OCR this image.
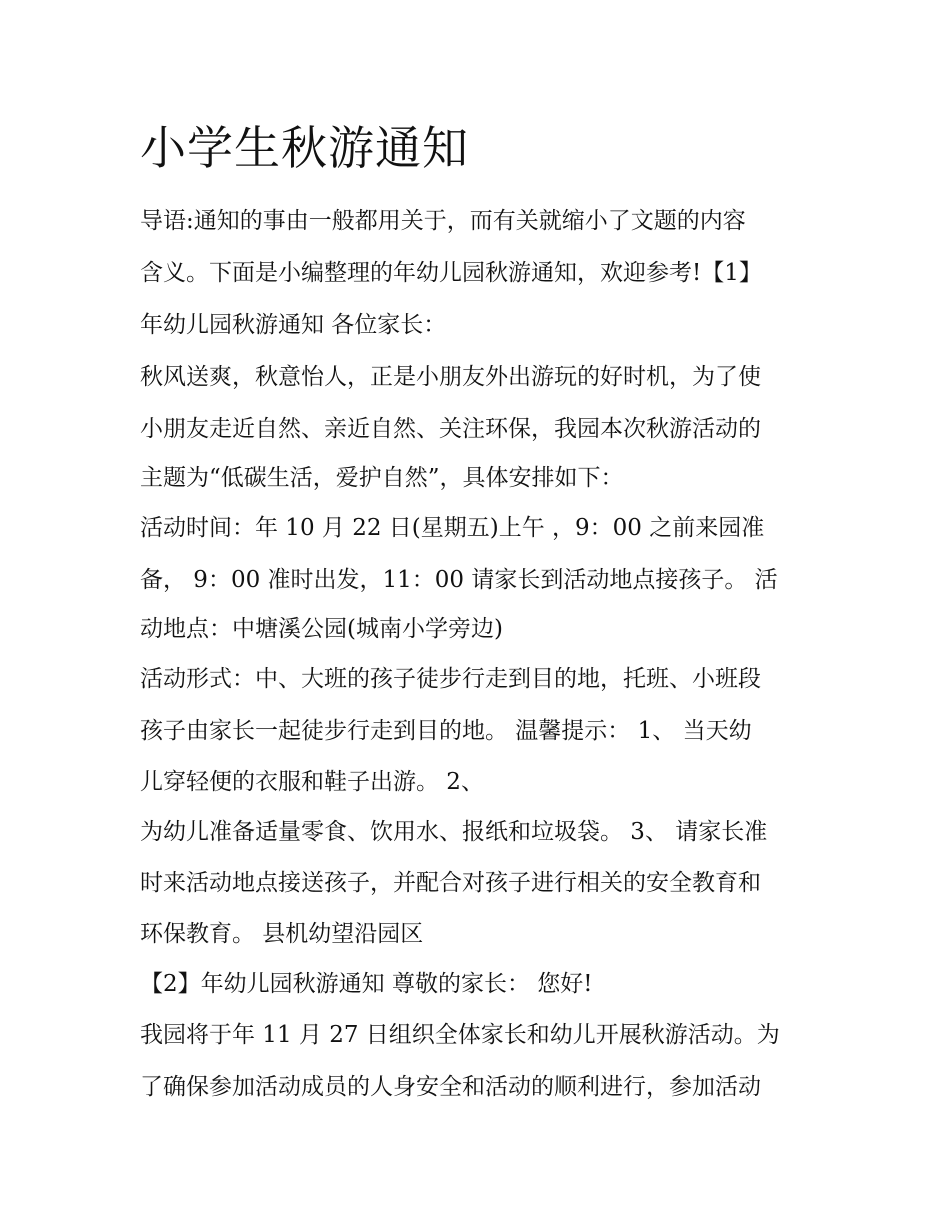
小学生秋游通知

导语:通知的事由一般都用关于，而有关就缩小了文题的内容

含义。下面是小编整理的年幼儿园秋游通知，欢迎参考!【1】

年幼儿园秋游通知 各位家长：

秋风送爽，秋意怡人，正是小朋友外出游玩的好时机，为了使

小朋友走近自然、亲近自然、关注环保，我园本次秋游活动的

主题为“低碳生活，爱护自然”，具体安排如下：

活动时间：年 10 月 22 日(星期五)上午 ，9：00 之前来园准

备， 9：00 准时出发，11：00 请家长到活动地点接孩子。 活

动地点：中塘溪公园(城南小学旁边)

活动形式：中、大班的孩子徒步行走到目的地，托班、小班段

孩子由家长一起徒步行走到目的地。 温馨提示： 1、 当天幼

儿穿轻便的衣服和鞋子出游。 2、

为幼儿准备适量零食、饮用水、报纸和垃圾袋。 3、 请家长准

时来活动地点接送孩子，并配合对孩子进行相关的安全教育和

环保教育。 县机幼望沿园区

【2】年幼儿园秋游通知 尊敬的家长： 您好!

我园将于年 11 月 27 日组织全体家长和幼儿开展秋游活动。为

了确保参加活动成员的人身安全和活动的顺利进行，参加活动
